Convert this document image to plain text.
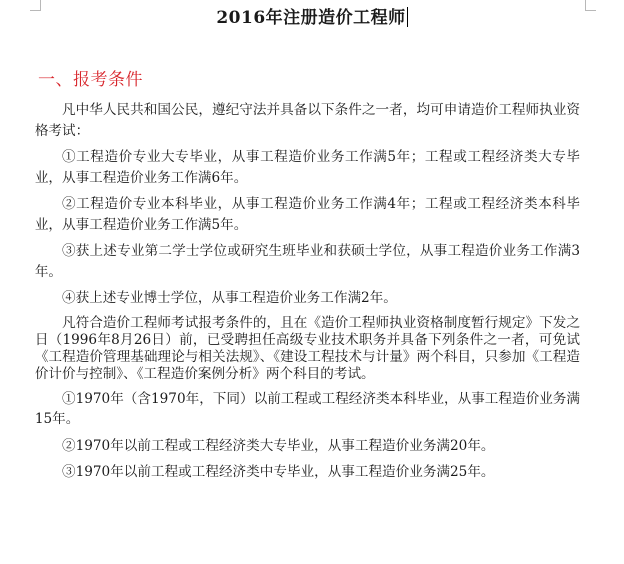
2016年注册造价工程师
一、报考条件

凡中华人民共和国公民，遵纪守法并具备以下条件之一者，均可申请造价工程师执业资格考试：

①工程造价专业大专毕业，从事工程造价业务工作满5年；工程或工程经济类大专毕业，从事工程造价业务工作满6年。

②工程造价专业本科毕业，从事工程造价业务工作满4年；工程或工程经济类本科毕业，从事工程造价业务工作满5年。

③获上述专业第二学士学位或研究生班毕业和获硕士学位，从事工程造价业务工作满3年。

④获上述专业博士学位，从事工程造价业务工作满2年。

凡符合造价工程师考试报考条件的，且在《造价工程师执业资格制度暂行规定》下发之日（1996年8月26日）前，已受聘担任高级专业技术职务并具备下列条件之一者，可免试《工程造价管理基础理论与相关法规》、《建设工程技术与计量》两个科目，只参加《工程造价计价与控制》、《工程造价案例分析》两个科目的考试。

①1970年（含1970年，下同）以前工程或工程经济类本科毕业，从事工程造价业务满15年。

②1970年以前工程或工程经济类大专毕业，从事工程造价业务满20年。

③1970年以前工程或工程经济类中专毕业，从事工程造价业务满25年。
